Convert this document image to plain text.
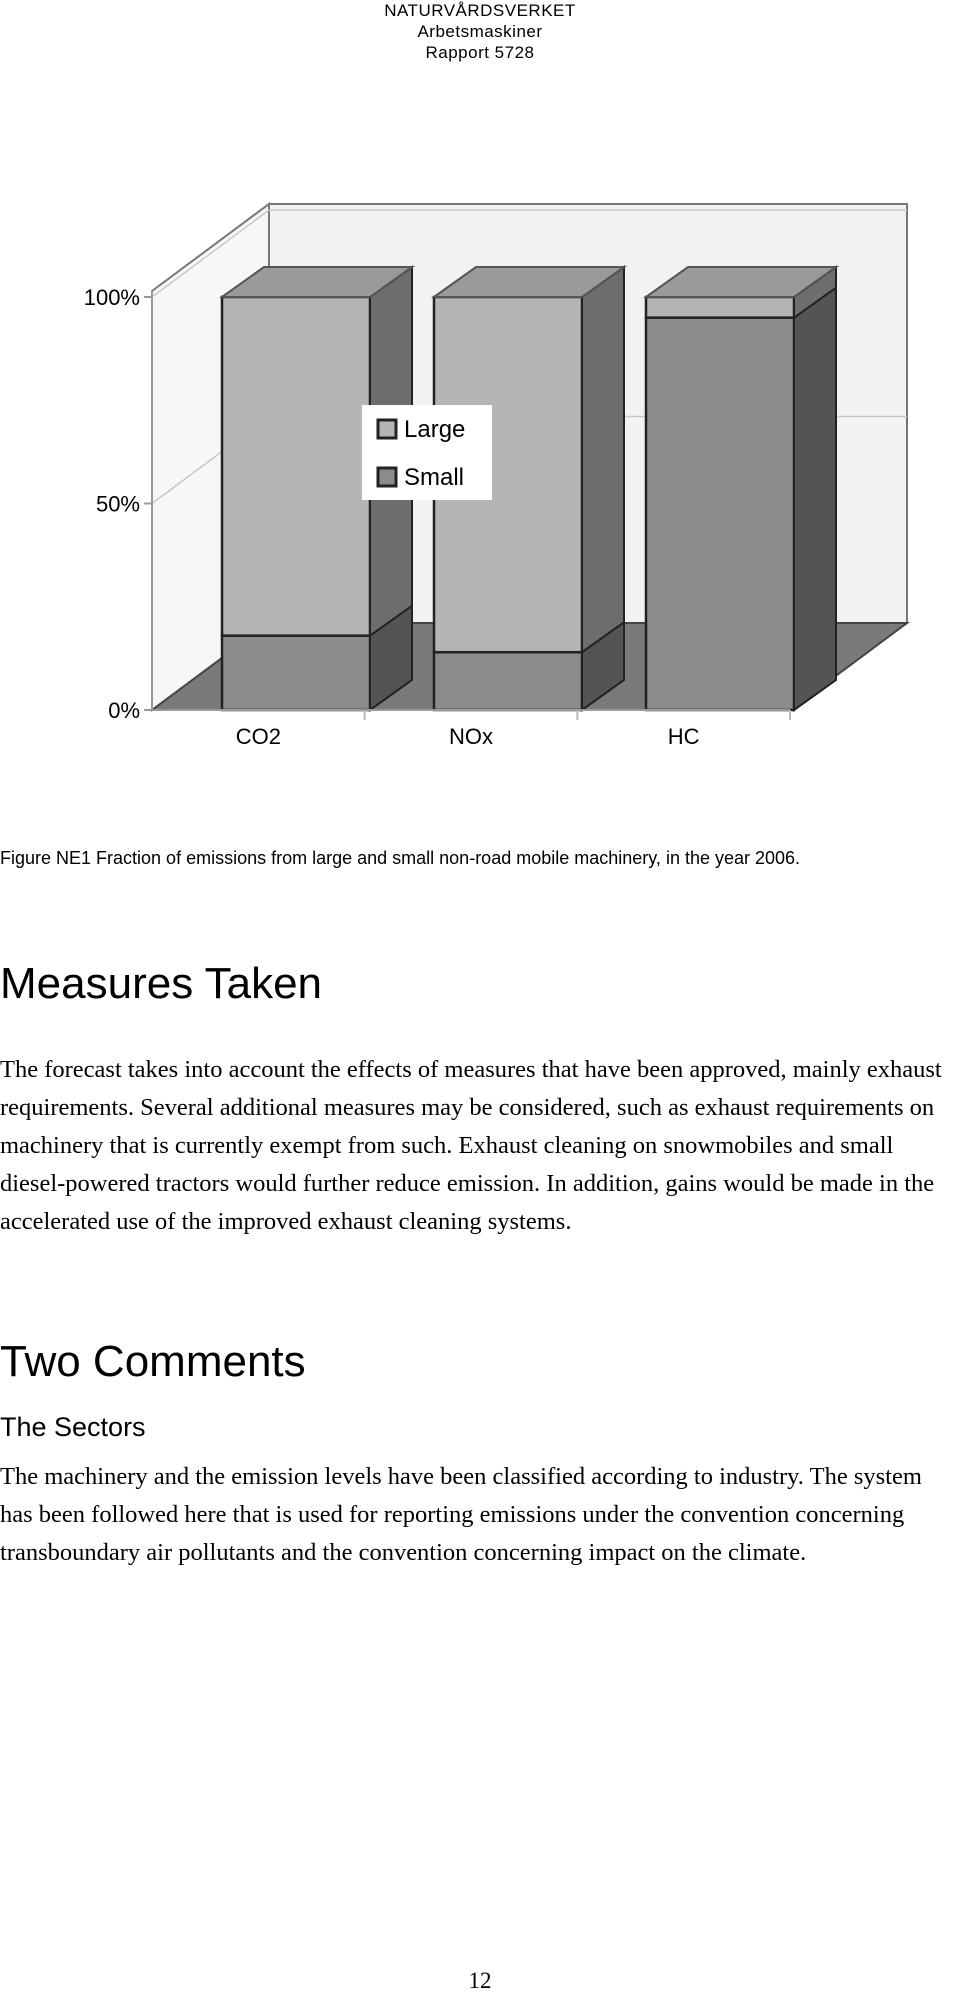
NATURVÅRDSVERKET
Arbetsmaskiner
Rapport 5728
0%
50%
100%
CO2	NOx	HC
Large
Small
Figure NE1 Fraction of emissions from large and small non-road mobile machinery, in the year 2006.
Measures Taken

The forecast takes into account the effects of measures that have been approved, mainly exhaust requirements. Several additional measures may be considered, such as exhaust requirements on machinery that is currently exempt from such. Exhaust cleaning on snowmobiles and small diesel-powered tractors would further reduce emission. In addition, gains would be made in the accelerated use of the improved exhaust cleaning systems.

Two Comments
The Sectors

The machinery and the emission levels have been classified according to industry. The system has been followed here that is used for reporting emissions under the convention concerning transboundary air pollutants and the convention concerning impact on the climate.

12
